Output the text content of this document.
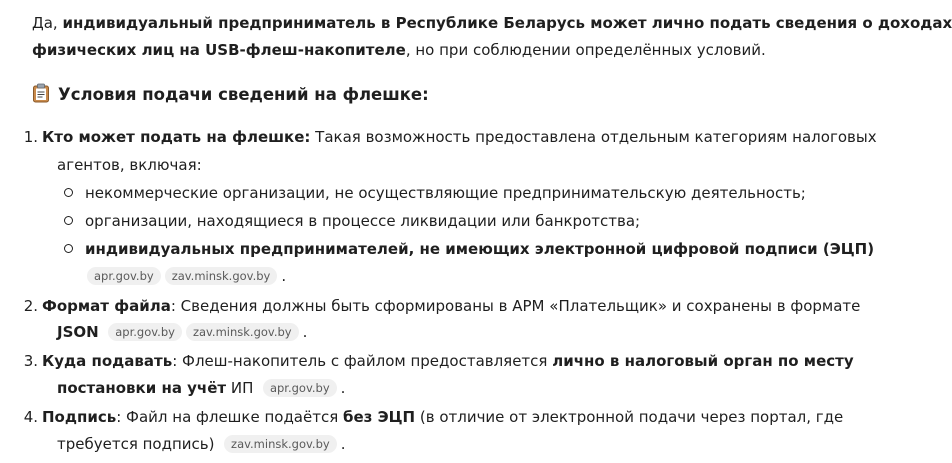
Да, индивидуальный предприниматель в Республике Беларусь может лично подать сведения о доходах
физических лиц на USB-флеш-накопителе, но при соблюдении определённых условий.
Условия подачи сведений на флешке:
1. Кто может подать на флешке: Такая возможность предоставлена отдельным категориям налоговых
агентов, включая:
некоммерческие организации, не осуществляющие предпринимательскую деятельность;
организации, находящиеся в процессе ликвидации или банкротства;
индивидуальных предпринимателей, не имеющих электронной цифровой подписи (ЭЦП)
apr.gov.by zav.minsk.gov.by .
2. Формат файла: Сведения должны быть сформированы в АРМ «Плательщик» и сохранены в формате
JSON apr.gov.by zav.minsk.gov.by .
3. Куда подавать: Флеш-накопитель с файлом предоставляется лично в налоговый орган по месту
постановки на учёт ИП apr.gov.by .
4. Подпись: Файл на флешке подаётся без ЭЦП (в отличие от электронной подачи через портал, где
требуется подпись) zav.minsk.gov.by .
